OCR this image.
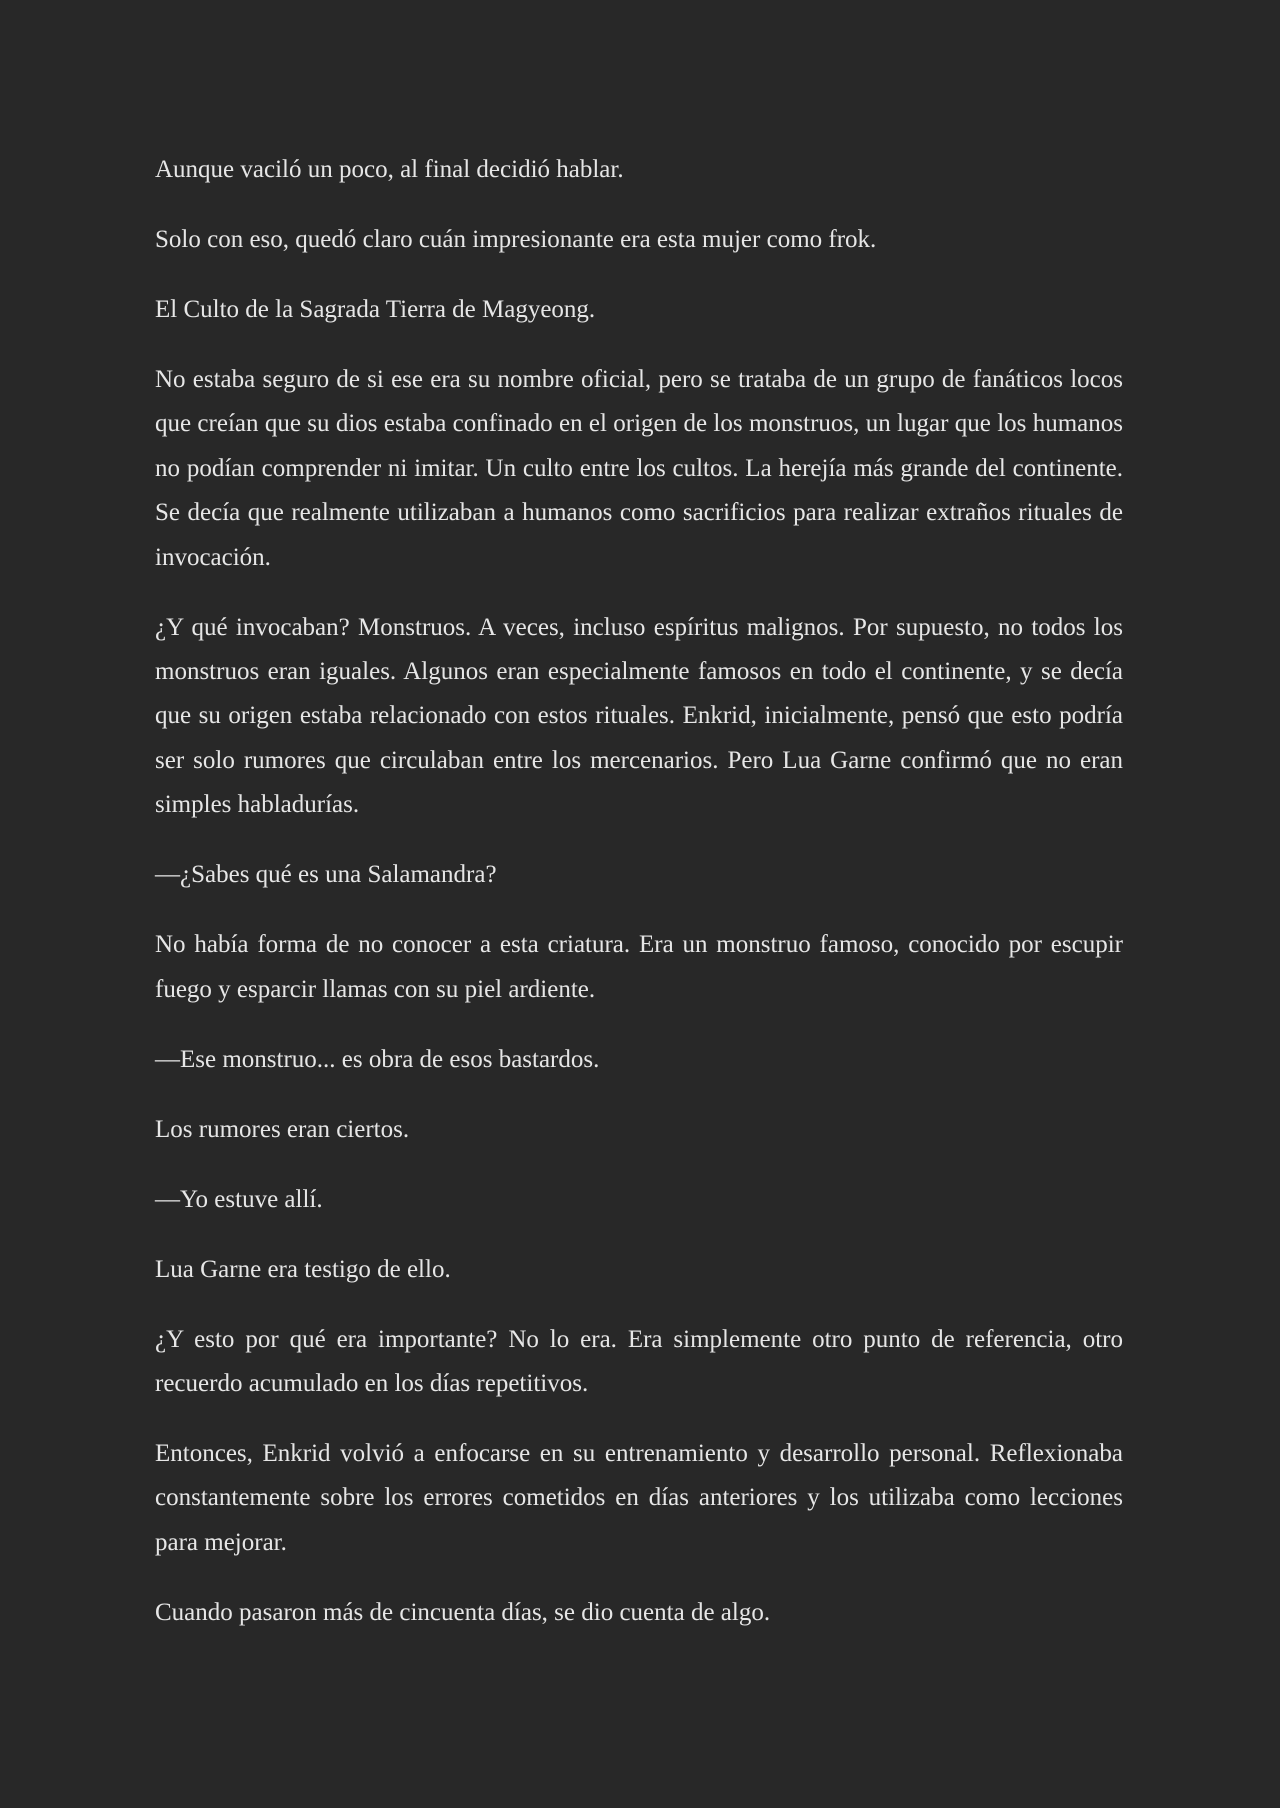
Aunque vaciló un poco, al final decidió hablar.

Solo con eso, quedó claro cuán impresionante era esta mujer como frok.

El Culto de la Sagrada Tierra de Magyeong.

No estaba seguro de si ese era su nombre oficial, pero se trataba de un grupo de fanáticos locos que creían que su dios estaba confinado en el origen de los monstruos, un lugar que los humanos no podían comprender ni imitar. Un culto entre los cultos. La herejía más grande del continente. Se decía que realmente utilizaban a humanos como sacrificios para realizar extraños rituales de invocación.

¿Y qué invocaban? Monstruos. A veces, incluso espíritus malignos. Por supuesto, no todos los monstruos eran iguales. Algunos eran especialmente famosos en todo el continente, y se decía que su origen estaba relacionado con estos rituales. Enkrid, inicialmente, pensó que esto podría ser solo rumores que circulaban entre los mercenarios. Pero Lua Garne confirmó que no eran simples habladurías.

—¿Sabes qué es una Salamandra?

No había forma de no conocer a esta criatura. Era un monstruo famoso, conocido por escupir fuego y esparcir llamas con su piel ardiente.

—Ese monstruo... es obra de esos bastardos.

Los rumores eran ciertos.

—Yo estuve allí.

Lua Garne era testigo de ello.

¿Y esto por qué era importante? No lo era. Era simplemente otro punto de referencia, otro recuerdo acumulado en los días repetitivos.

Entonces, Enkrid volvió a enfocarse en su entrenamiento y desarrollo personal. Reflexionaba constantemente sobre los errores cometidos en días anteriores y los utilizaba como lecciones para mejorar.

Cuando pasaron más de cincuenta días, se dio cuenta de algo.
